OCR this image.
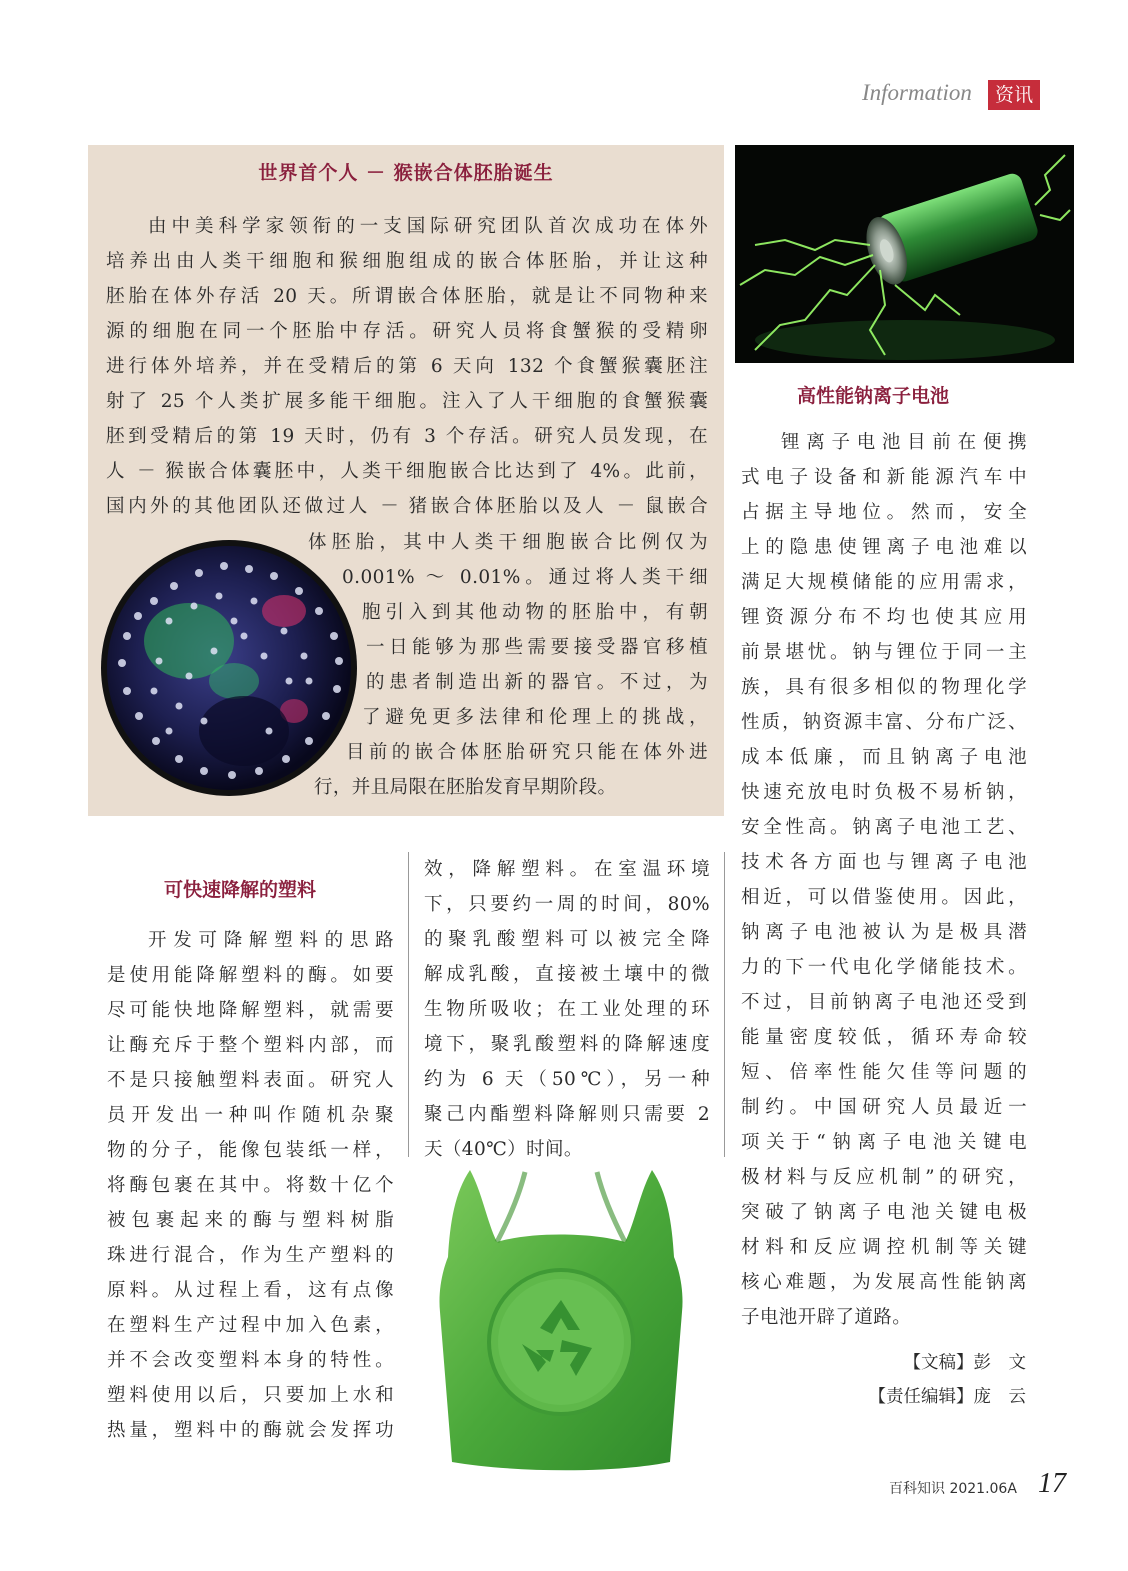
Information	资讯
世界首个人 － 猴嵌合体胚胎诞生
由中美科学家领衔的一支国际研究团队首次成功在体外
培养出由人类干细胞和猴细胞组成的嵌合体胚胎，并让这种
胚胎在体外存活 20 天。所谓嵌合体胚胎，就是让不同物种来
源的细胞在同一个胚胎中存活。研究人员将食蟹猴的受精卵
进行体外培养，并在受精后的第 6 天向 132 个食蟹猴囊胚注
射了 25 个人类扩展多能干细胞。注入了人干细胞的食蟹猴囊
胚到受精后的第 19 天时，仍有 3 个存活。研究人员发现，在
人 － 猴嵌合体囊胚中，人类干细胞嵌合比达到了 4%。此前，
国内外的其他团队还做过人 － 猪嵌合体胚胎以及人 － 鼠嵌合
体胚胎，其中人类干细胞嵌合比例仅为
0.001% ～ 0.01%。通过将人类干细
胞引入到其他动物的胚胎中，有朝
一日能够为那些需要接受器官移植
的患者制造出新的器官。不过，为
了避免更多法律和伦理上的挑战，
目前的嵌合体胚胎研究只能在体外进
行，并且局限在胚胎发育早期阶段。
高性能钠离子电池
锂离子电池目前在便携
式电子设备和新能源汽车中
占据主导地位。然而，安全
上的隐患使锂离子电池难以
满足大规模储能的应用需求，
锂资源分布不均也使其应用
前景堪忧。钠与锂位于同一主
族，具有很多相似的物理化学
性质，钠资源丰富、分布广泛、
成本低廉，而且钠离子电池
快速充放电时负极不易析钠，
安全性高。钠离子电池工艺、
技术各方面也与锂离子电池
相近，可以借鉴使用。因此，
钠离子电池被认为是极具潜
力的下一代电化学储能技术。
不过，目前钠离子电池还受到
能量密度较低，循环寿命较
短、倍率性能欠佳等问题的
制约。中国研究人员最近一
项关于“钠离子电池关键电
极材料与反应机制”的研究，
突破了钠离子电池关键电极
材料和反应调控机制等关键
核心难题，为发展高性能钠离
子电池开辟了道路。
【文稿】彭　文
【责任编辑】庞　云
可快速降解的塑料
开发可降解塑料的思路
是使用能降解塑料的酶。如要
尽可能快地降解塑料，就需要
让酶充斥于整个塑料内部，而
不是只接触塑料表面。研究人
员开发出一种叫作随机杂聚
物的分子，能像包装纸一样，
将酶包裹在其中。将数十亿个
被包裹起来的酶与塑料树脂
珠进行混合，作为生产塑料的
原料。从过程上看，这有点像
在塑料生产过程中加入色素，
并不会改变塑料本身的特性。
塑料使用以后，只要加上水和
热量，塑料中的酶就会发挥功
效，降解塑料。在室温环境
下，只要约一周的时间，80%
的聚乳酸塑料可以被完全降
解成乳酸，直接被土壤中的微
生物所吸收；在工业处理的环
境下，聚乳酸塑料的降解速度
约为 6 天（50℃），另一种
聚己内酯塑料降解则只需要 2
天（40℃）时间。
百科知识 2021.06A 17
